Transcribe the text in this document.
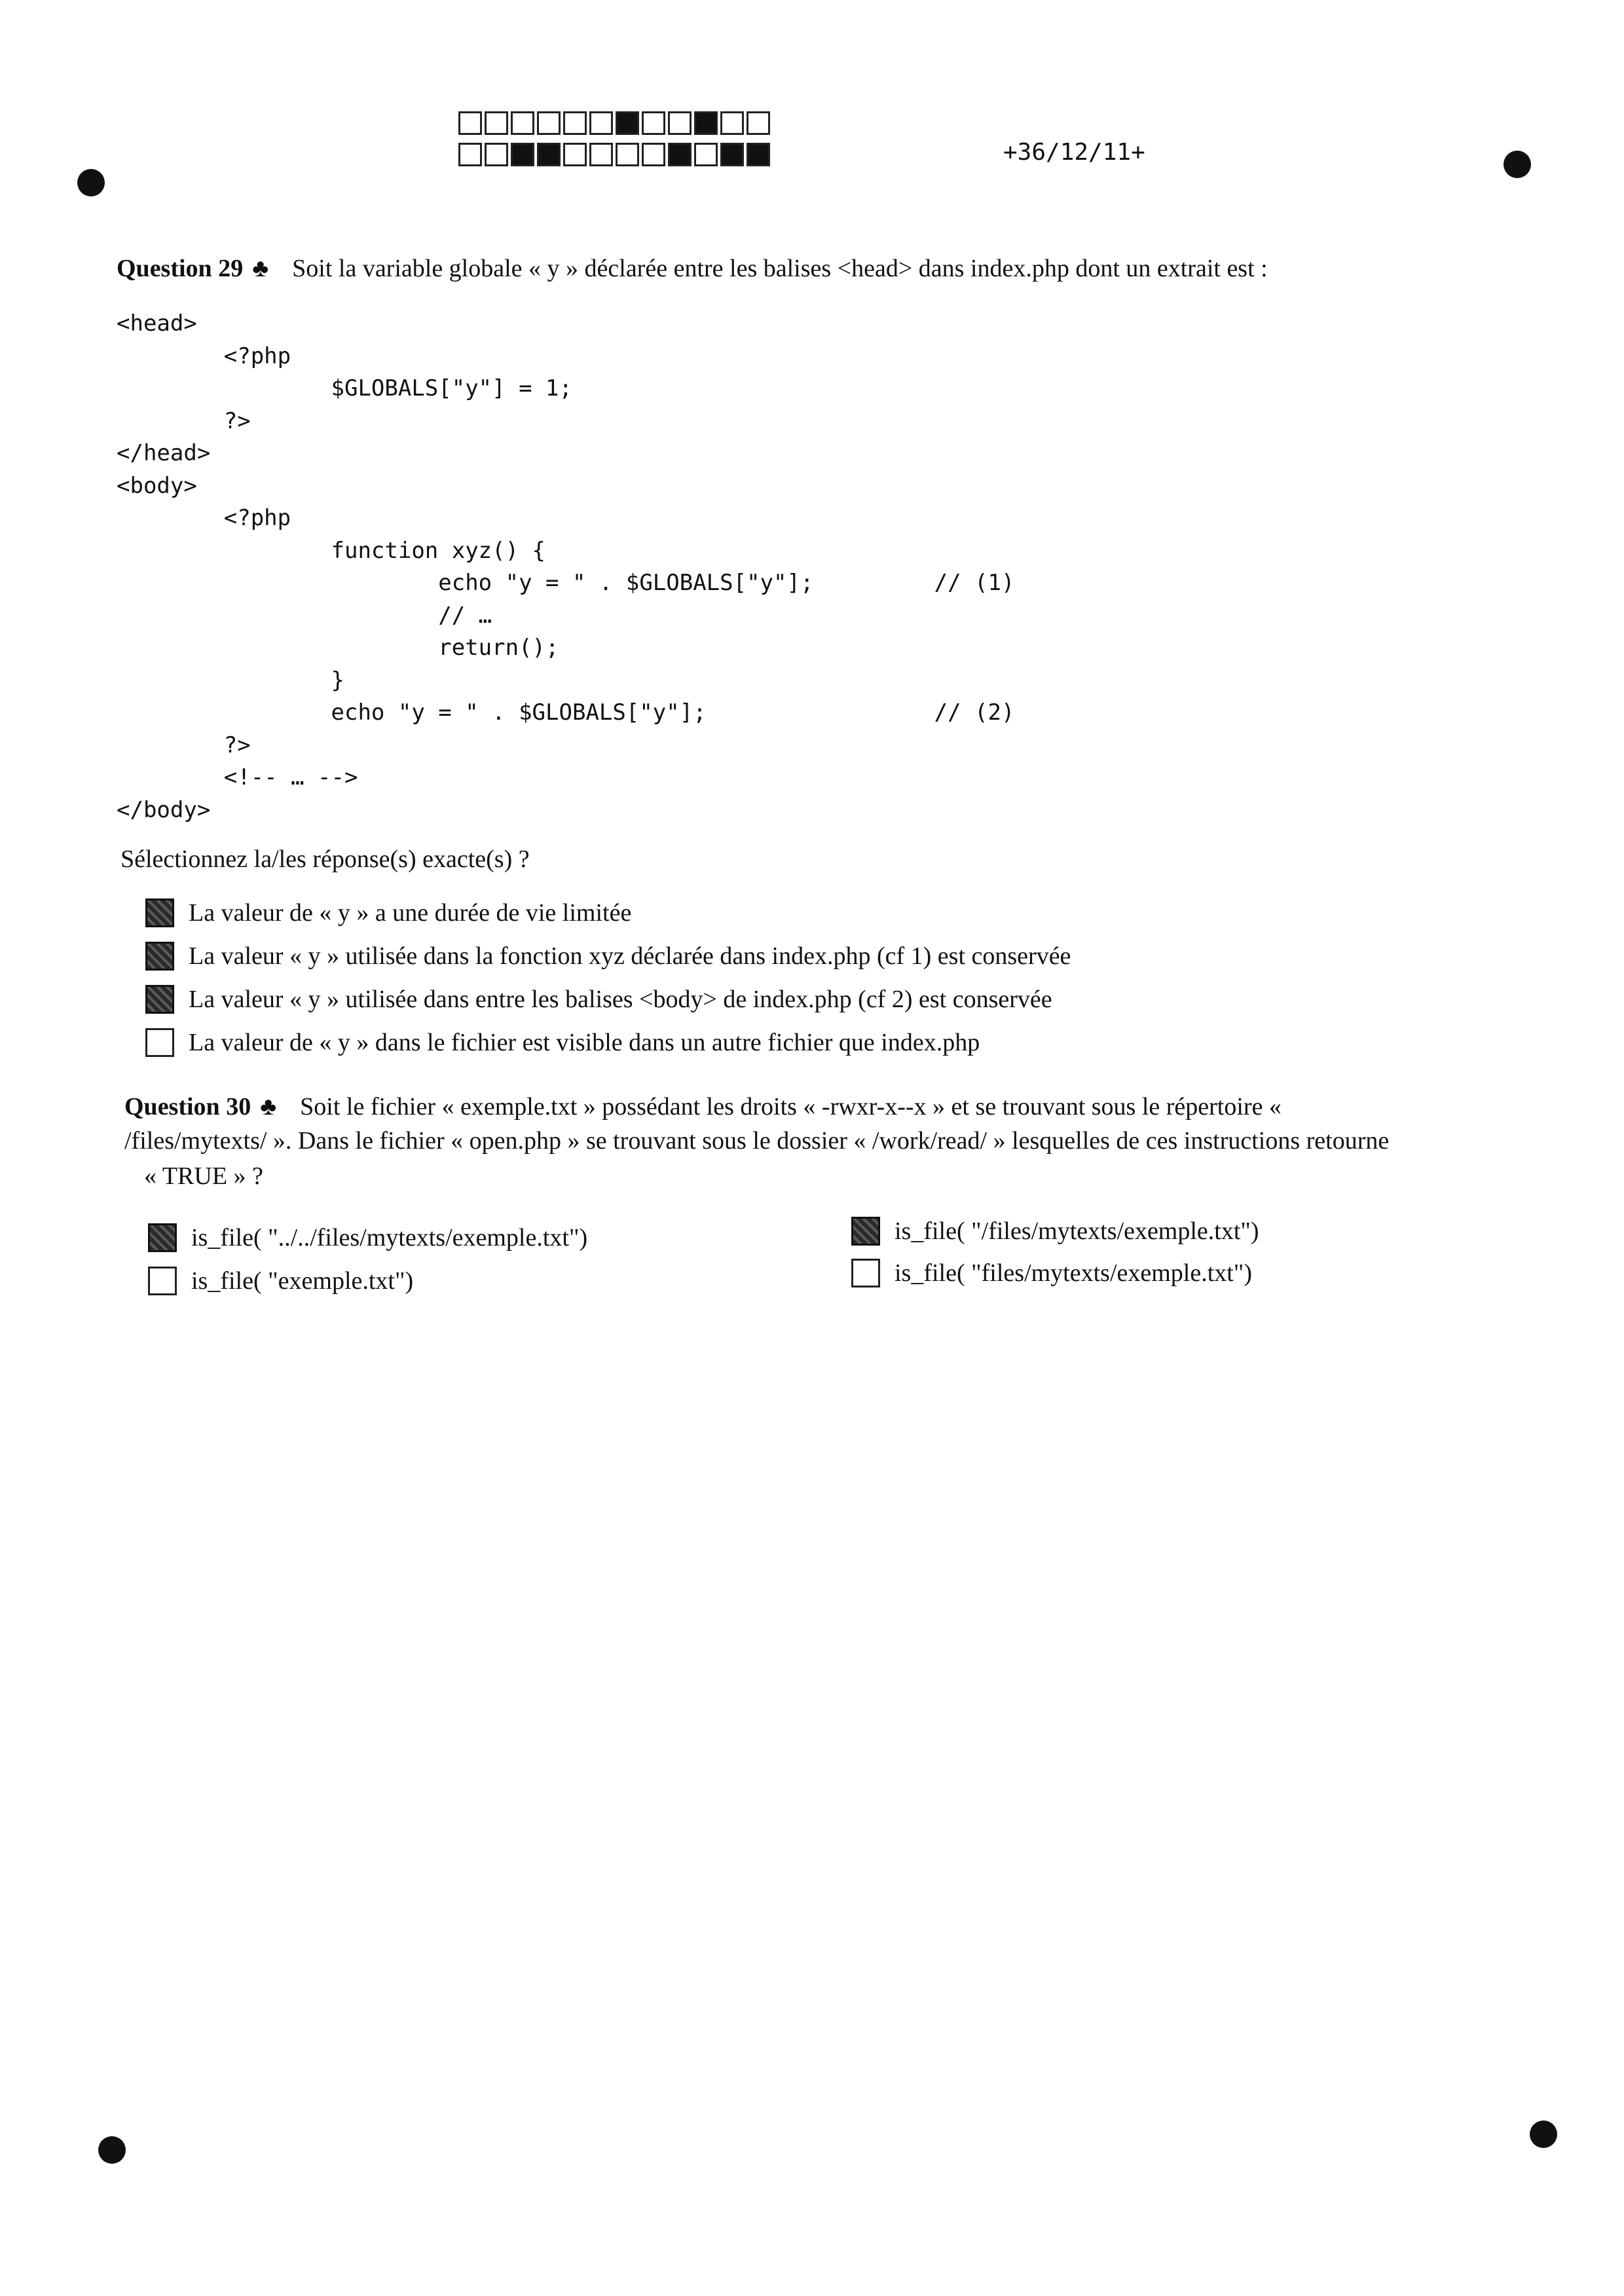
+36/12/11+
Question 29 ♣ Soit la variable globale « y » déclarée entre les balises <head> dans index.php dont un extrait est :
<head>
<?php
$GLOBALS["y"] = 1;
?>
</head>
<body>
<?php
function xyz() {
echo "y = " . $GLOBALS["y"];         // (1)
// …
return();
}
echo "y = " . $GLOBALS["y"];                 // (2)
?>
<!-- … -->
</body>
Sélectionnez la/les réponse(s) exacte(s) ?
La valeur de « y » a une durée de vie limitée
La valeur « y » utilisée dans la fonction xyz déclarée dans index.php (cf 1) est conservée
La valeur « y » utilisée dans entre les balises <body> de index.php (cf 2) est conservée
La valeur de « y » dans le fichier est visible dans un autre fichier que index.php
Question 30 ♣ Soit le fichier « exemple.txt » possédant les droits « -rwxr-x--x » et se trouvant sous le répertoire «
/files/mytexts/ ». Dans le fichier « open.php » se trouvant sous le dossier « /work/read/ » lesquelles de ces instructions retourne
« TRUE » ?
is_file( "../../files/mytexts/exemple.txt")	is_file( "/files/mytexts/exemple.txt")
is_file( "exemple.txt")	is_file( "files/mytexts/exemple.txt")
